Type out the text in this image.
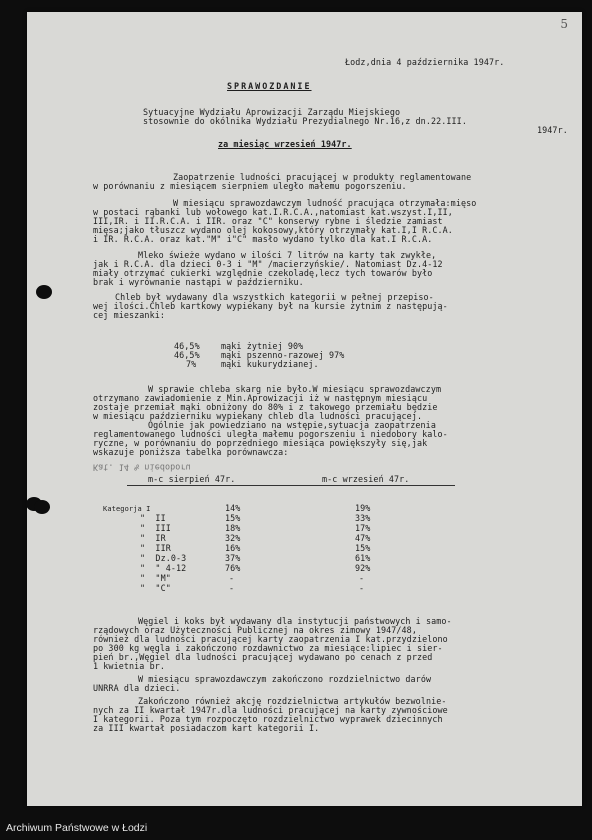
5
Łodz,dnia 4 października 1947r.
SPRAWOZDANIE
Sytuacyjne Wydziału Aprowizacji Zarządu Miejskiego
stosownie do okólnika Wydziału Prezydialnego Nr.16,z dn.22.III.
1947r.
za miesiąc wrzesień 1947r.
Zaopatrzenie ludności pracującej w produkty reglamentowane
w porównaniu z miesiącem sierpniem uległo małemu pogorszeniu.
W miesiącu sprawozdawczym ludność pracująca otrzymała:mięso
w postaci rąbanki lub wołowego kat.I.R.C.A.,natomiast kat.wszyst.I,II,
III,IR. i II.R.C.A. i IIR. oraz "C" konserwy rybne i śledzie zamiast
mięsa;jako tłuszcz wydano olej kokosowy,który otrzymały kat.I,I R.C.A.
i IR. R.C.A. oraz kat."M" i"C" masło wydano tylko dla kat.I R.C.A.
Mleko świeże wydano w ilości 7 litrów na karty tak zwykłe,
jak i R.C.A. dla dzieci 0-3 i "M" /macierzyńskie/. Natomiast Dz.4-12
miały otrzymać cukierki względnie czekoladę,lecz tych towarów było
brak i wyrównanie nastąpi w październiku.
Chleb był wydawany dla wszystkich kategorii w pełnej przepiso-
wej ilości.Chleb kartkowy wypiekany był na kursie żytnim z następują-
cej mieszanki:
46,5%	mąki żytniej 90%
46,5%	mąki pszenno-razowej 97%
7%	mąki kukurydzianej.
W sprawie chleba skarg nie było.W miesiącu sprawozdawczym
otrzymano zawiadomienie z Min.Aprowizacji iż w następnym miesiącu
zostaje przemiał mąki obniżony do 80% i z takowego przemiału będzie
w miesiącu październiku wypiekany chleb dla ludności pracującej.
Ogólnie jak powiedziano na wstępie,sytuacja zaopatrzenia
reglamentowanego ludności uległa małemu pogorszeniu i niedobory kalo-
ryczne, w porównaniu do poprzedniego miesiąca powiększyły się,jak
wskazuje poniższa tabelka porównawcza:
Kat. 14 % niedoboru
m-c sierpień 47r.	m-c wrzesień 47r.
Kategorja I	14%	19%
"  II	15%	33%
"  III	18%	17%
"  IR	32%	47%
"  IIR	16%	15%
"  Dz.0-3	37%	61%
"  " 4-12	76%	92%
"  "M"	-	-
"  "C"	-	-
Węgiel i koks był wydawany dla instytucji państwowych i samo-
rządowych oraz Użyteczności Publicznej na okres zimowy 1947/48,
również dla ludności pracującej karty zaopatrzenia I kat.przydzielono
po 300 kg węgla i zakończono rozdawnictwo za miesiące:lipiec i sier-
pień br.,Węgiel dla ludności pracującej wydawano po cenach z przed
1 kwietnia br.
W miesiącu sprawozdawczym zakończono rozdzielnictwo darów
UNRRA dla dzieci.
Zakończono również akcję rozdzielnictwa artykułów bezwolnie-
nych za II kwartał 1947r.dla ludności pracującej na karty zywnościowe
I kategorii. Poza tym rozpoczęto rozdzielnictwo wyprawek dziecinnych
za III kwartał posiadaczom kart kategorii I.
Archiwum Państwowe w Łodzi
